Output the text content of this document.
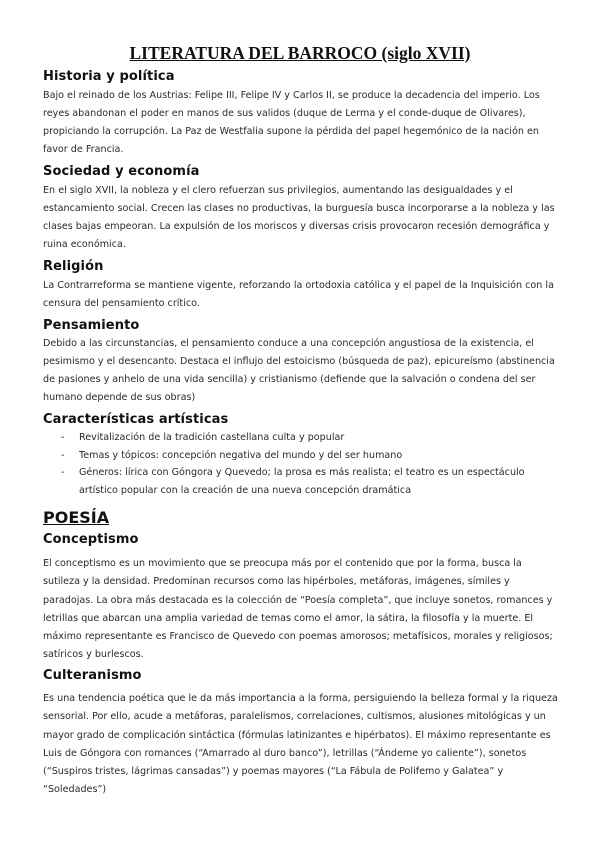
LITERATURA DEL BARROCO (siglo XVII)
Historia y política
Bajo el reinado de los Austrias: Felipe III, Felipe IV y Carlos II, se produce la decadencia del imperio. Los reyes abandonan el poder en manos de sus validos (duque de Lerma y el conde-duque de Olivares), propiciando la corrupción. La Paz de Westfalia supone la pérdida del papel hegemónico de la nación en favor de Francia.
Sociedad y economía
En el siglo XVII, la nobleza y el clero refuerzan sus privilegios, aumentando las desigualdades y el estancamiento social. Crecen las clases no productivas, la burguesía busca incorporarse a la nobleza y las clases bajas empeoran. La expulsión de los moriscos y diversas crisis provocaron recesión demográfica y ruina económica.
Religión
La Contrarreforma se mantiene vigente, reforzando la ortodoxia católica y el papel de la Inquisición con la censura del pensamiento crítico.
Pensamiento
Debido a las circunstancias, el pensamiento conduce a una concepción angustiosa de la existencia, el pesimismo y el desencanto. Destaca el influjo del estoicismo (búsqueda de paz), epicureísmo (abstinencia de pasiones y anhelo de una vida sencilla) y cristianismo (defiende que la salvación o condena del ser humano depende de sus obras)
Características artísticas
- Revitalización de la tradición castellana culta y popular
- Temas y tópicos: concepción negativa del mundo y del ser humano
- Géneros: lírica con Góngora y Quevedo; la prosa es más realista; el teatro es un espectáculo artístico popular con la creación de una nueva concepción dramática
POESÍA
Conceptismo
El conceptismo es un movimiento que se preocupa más por el contenido que por la forma, busca la sutileza y la densidad. Predominan recursos como las hipérboles, metáforas, imágenes, símiles y paradojas. La obra más destacada es la colección de “Poesía completa”, que incluye sonetos, romances y letrillas que abarcan una amplia variedad de temas como el amor, la sátira, la filosofía y la muerte. El máximo representante es Francisco de Quevedo con poemas amorosos; metafísicos, morales y religiosos; satíricos y burlescos.
Culteranismo
Es una tendencia poética que le da más importancia a la forma, persiguiendo la belleza formal y la riqueza sensorial. Por ello, acude a metáforas, paralelismos, correlaciones, cultismos, alusiones mitológicas y un mayor grado de complicación sintáctica (fórmulas latinizantes e hipérbatos). El máximo representante es Luis de Góngora con romances (“Amarrado al duro banco”), letrillas (“Ándeme yo caliente”), sonetos (“Suspiros tristes, lágrimas cansadas”) y poemas mayores (“La Fábula de Polifemo y Galatea” y “Soledades”)
